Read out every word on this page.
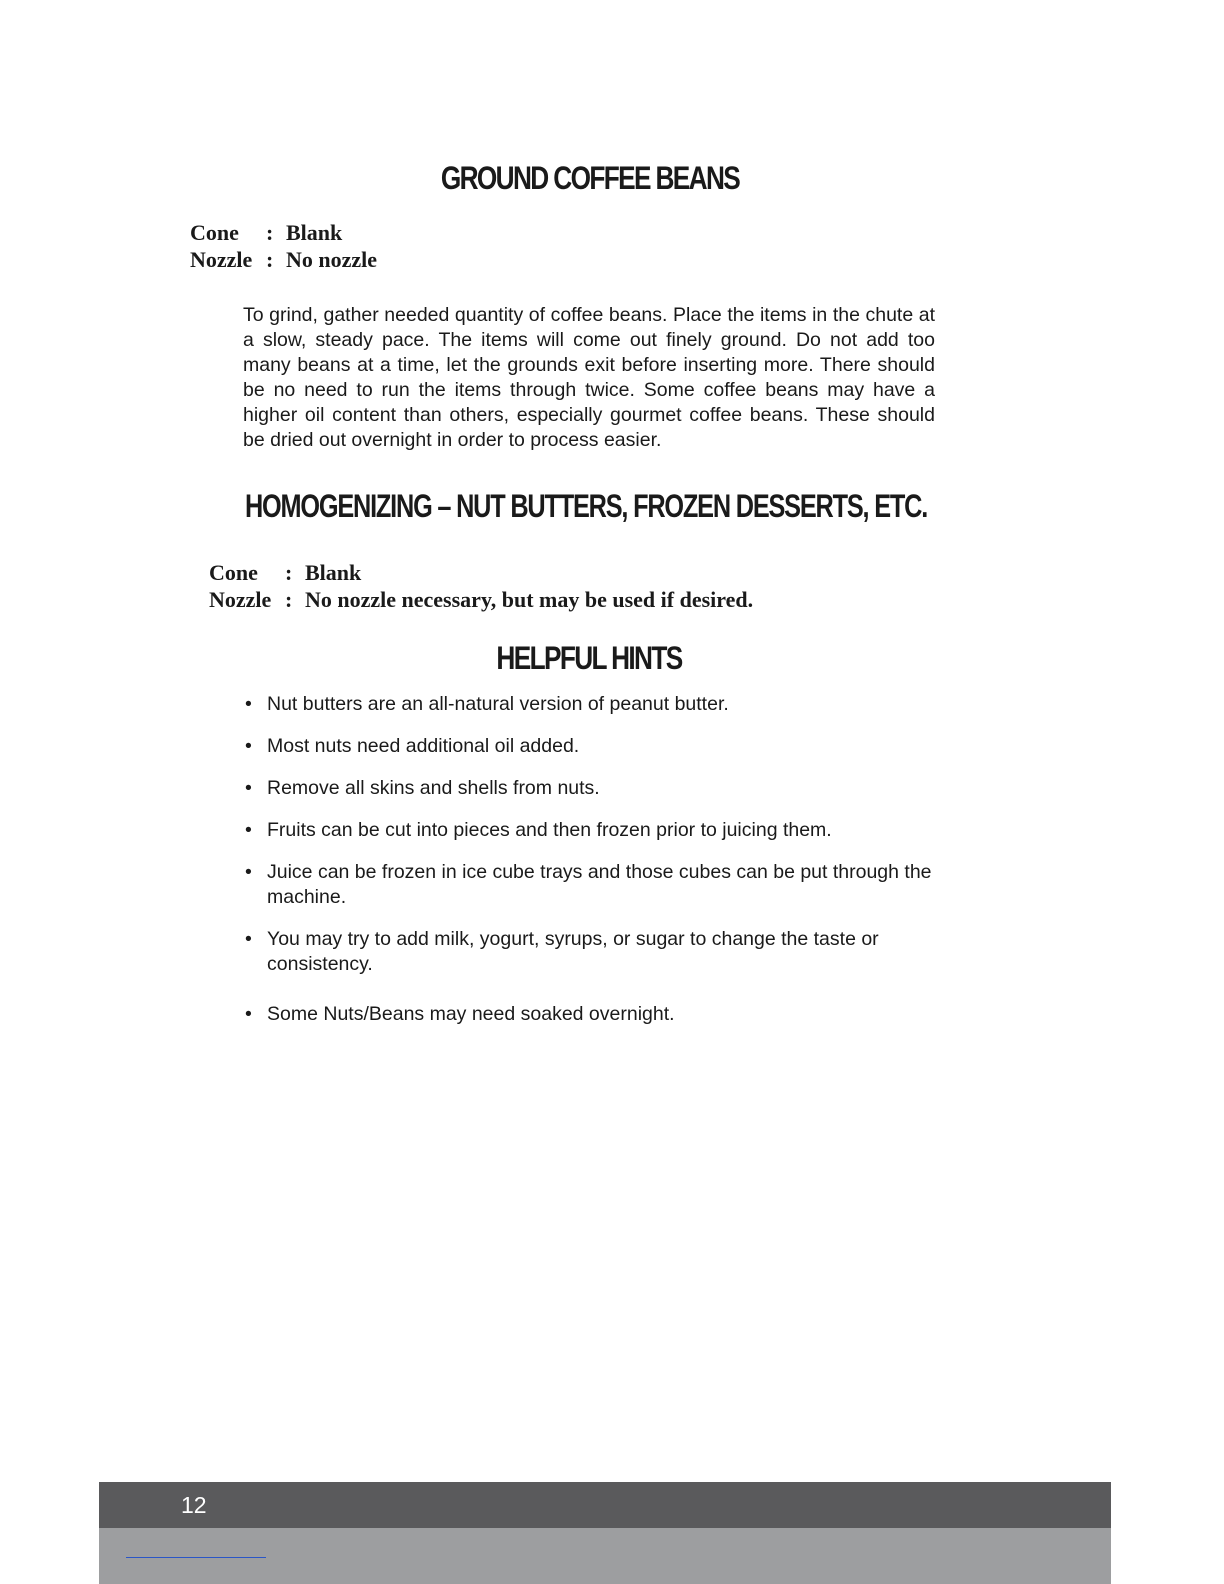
GROUND COFFEE BEANS
Cone	: Blank
Nozzle : No nozzle

To grind, gather needed quantity of coffee beans. Place the items in the chute at a slow, steady pace. The items will come out finely ground. Do not add too many beans at a time, let the grounds exit before inserting more. There should be no need to run the items through twice. Some coffee beans may have a higher oil content than others, especially gourmet coffee beans. These should be dried out overnight in order to process easier.

HOMOGENIZING – NUT BUTTERS, FROZEN DESSERTS, ETC.
Cone	: Blank
Nozzle : No nozzle necessary, but may be used if desired.
HELPFUL HINTS
• Nut butters are an all-natural version of peanut butter.
• Most nuts need additional oil added.
• Remove all skins and shells from nuts.
• Fruits can be cut into pieces and then frozen prior to juicing them.
• Juice can be frozen in ice cube trays and those cubes can be put through the machine.
• You may try to add milk, yogurt, syrups, or sugar to change the taste or consistency.
• Some Nuts/Beans may need soaked overnight.
12
